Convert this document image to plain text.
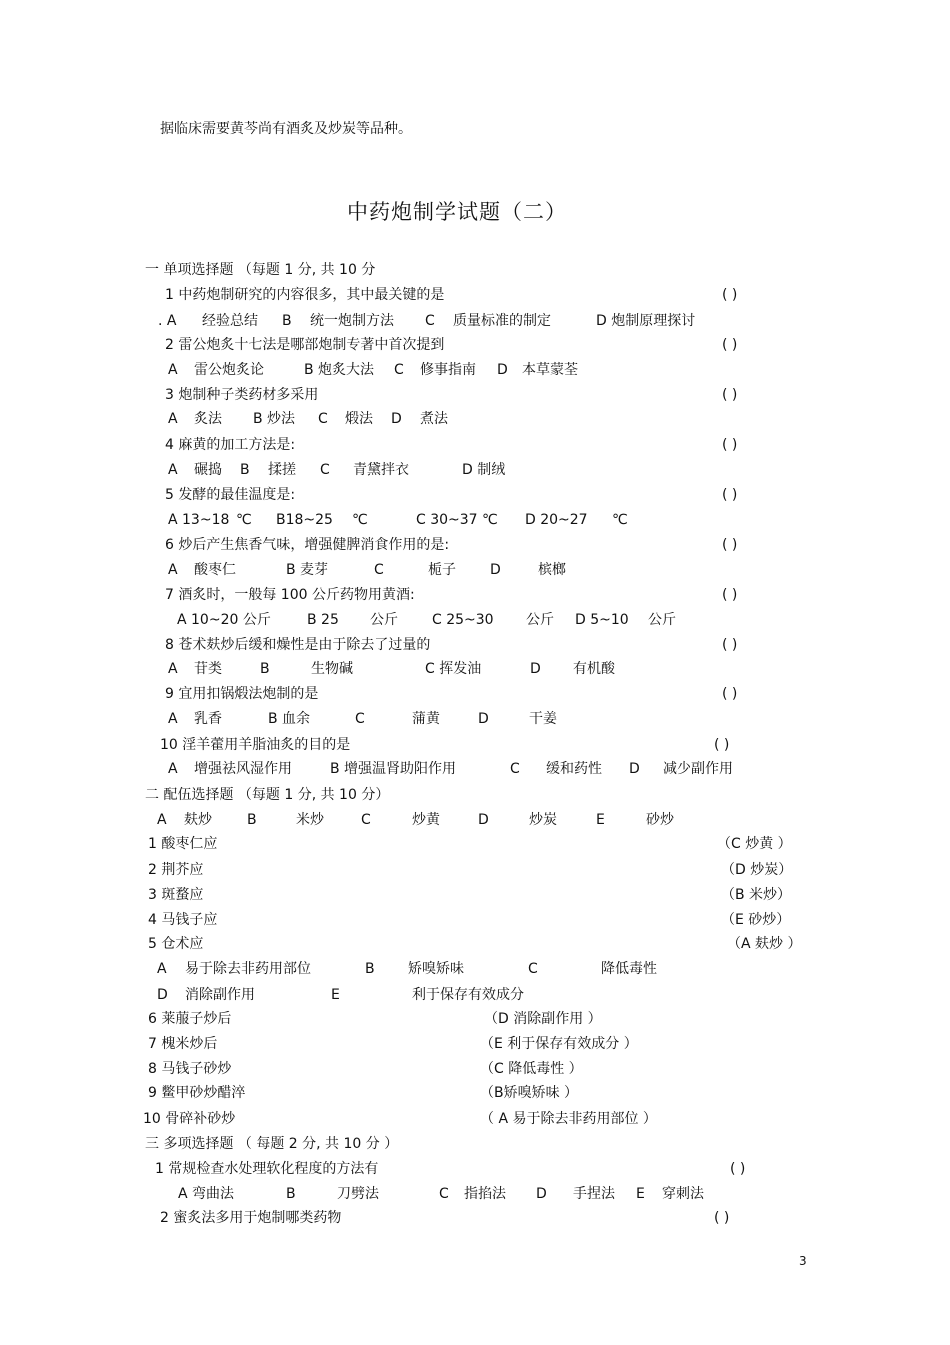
据临床需要黄芩尚有酒炙及炒炭等品种。
中药炮制学试题（二）
一 单项选择题 （每题 1 分, 共 10 分
1 中药炮制研究的内容很多，其中最关键的是	( )
. A 经验总结 B 统一炮制方法 C 质量标准的制定	D 炮制原理探讨
2 雷公炮炙十七法是哪部炮制专著中首次提到	( )
A 雷公炮炙论	B 炮炙大法 C 修事指南 D 本草蒙荃
3 炮制种子类药材多采用	( )
A 炙法 B 炒法 C 煅法 D 煮法
4 麻黄的加工方法是:	( )
A 碾捣 B 揉搓 C 青黛拌衣	D 制绒
5 发酵的最佳温度是:	( )
A 13~18 ℃ B18~25 ℃	C 30~37 ℃ D 20~27 ℃
6 炒后产生焦香气味，增强健脾消食作用的是:	( )
A 酸枣仁	B 麦芽	C	栀子 D	槟榔
7 酒炙时，一般每 100 公斤药物用黄酒:	( )
A 10~20 公斤	B 25 公斤 C 25~30 公斤 D 5~10 公斤
8 苍术麸炒后缓和燥性是由于除去了过量的	( )
A 苷类	B	生物碱	C 挥发油	D 有机酸
9 宜用扣锅煅法炮制的是	( )
A 乳香	B 血余	C	蒲黄	D	干姜
10 淫羊藿用羊脂油炙的目的是	( )
A 增强祛风湿作用	B 增强温肾助阳作用	C 缓和药性 D 减少副作用
二 配伍选择题 （每题 1 分, 共 10 分）
A 麸炒	B	米炒	C	炒黄	D	炒炭	E	砂炒
1 酸枣仁应	（C 炒黄 ）
2 荆芥应	（D 炒炭）
3 斑蝥应	（B 米炒）
4 马钱子应	（E 砂炒）
5 仓术应	（A 麸炒 ）
A 易于除去非药用部位	B 矫嗅矫味	C	降低毒性
D 消除副作用	E	利于保存有效成分
6 莱菔子炒后	（D 消除副作用 ）
7 槐米炒后	（E 利于保存有效成分 ）
8 马钱子砂炒	（C 降低毒性 ）
9 鳖甲砂炒醋淬	（B矫嗅矫味 ）
10 骨碎补砂炒	（ A 易于除去非药用部位 ）
三 多项选择题 （ 每题 2 分, 共 10 分 ）
1 常规检查水处理软化程度的方法有	( )
A 弯曲法	B	刀劈法	C 指掐法 D 手捏法 E 穿刺法
2 蜜炙法多用于炮制哪类药物	( )
3
